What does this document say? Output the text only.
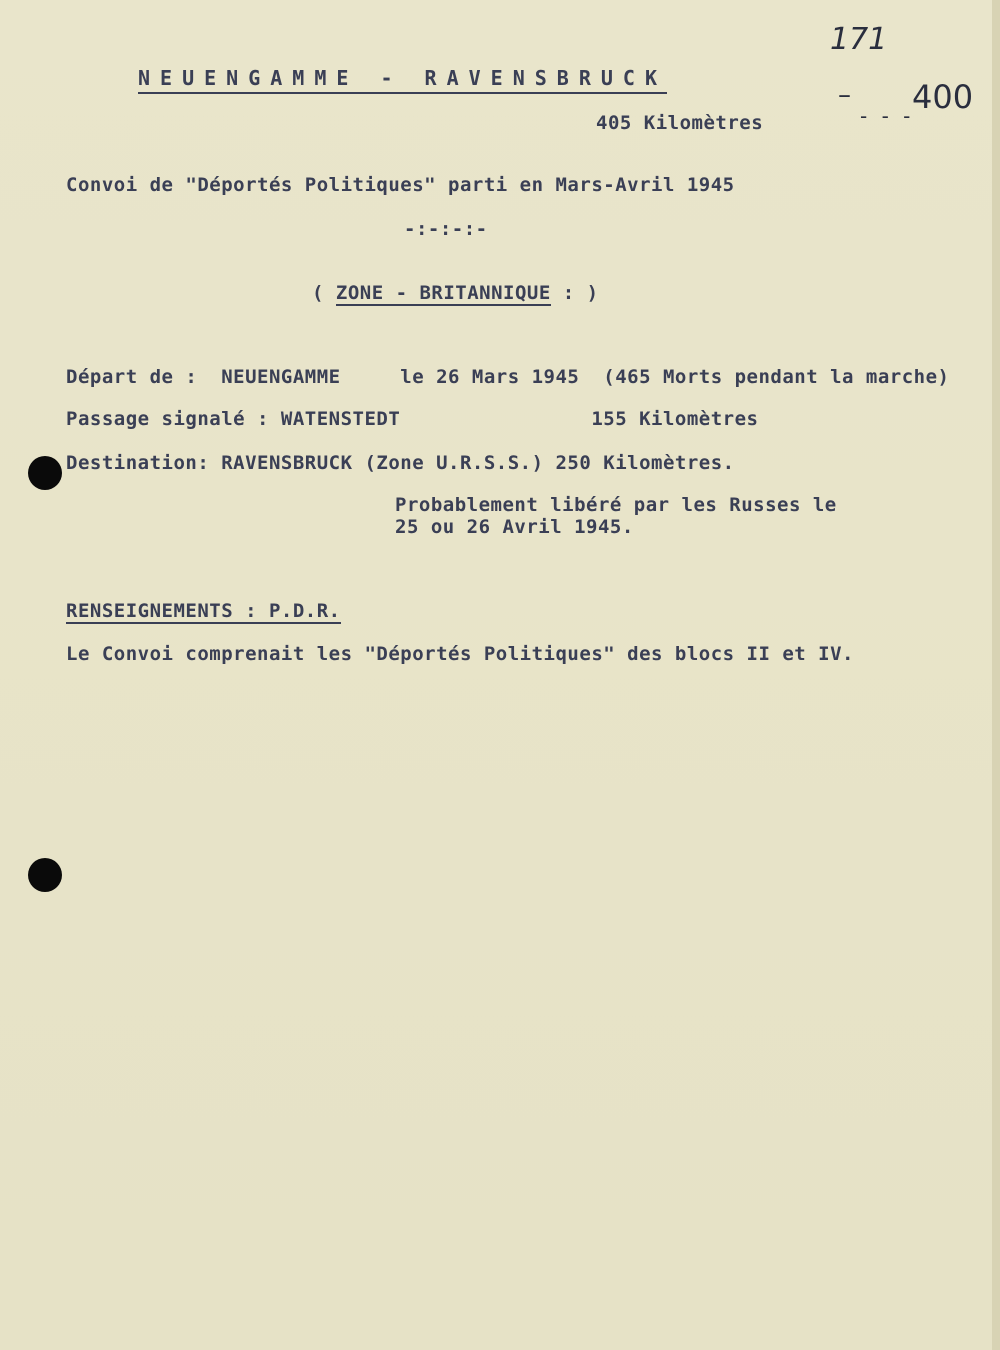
NEUENGAMME - RAVENSBRUCK
405 Kilomètres
171
– 400
- - -
Convoi de "Déportés Politiques" parti en Mars-Avril 1945
-:-:-:-
( ZONE - BRITANNIQUE : )
Départ de :  NEUENGAMME     le 26 Mars 1945  (465 Morts pendant la marche)
Passage signalé : WATENSTEDT                155 Kilomètres
Destination: RAVENSBRUCK (Zone U.R.S.S.) 250 Kilomètres.
Probablement libéré par les Russes le
25 ou 26 Avril 1945.
RENSEIGNEMENTS : P.D.R.
Le Convoi comprenait les "Déportés Politiques" des blocs II et IV.
